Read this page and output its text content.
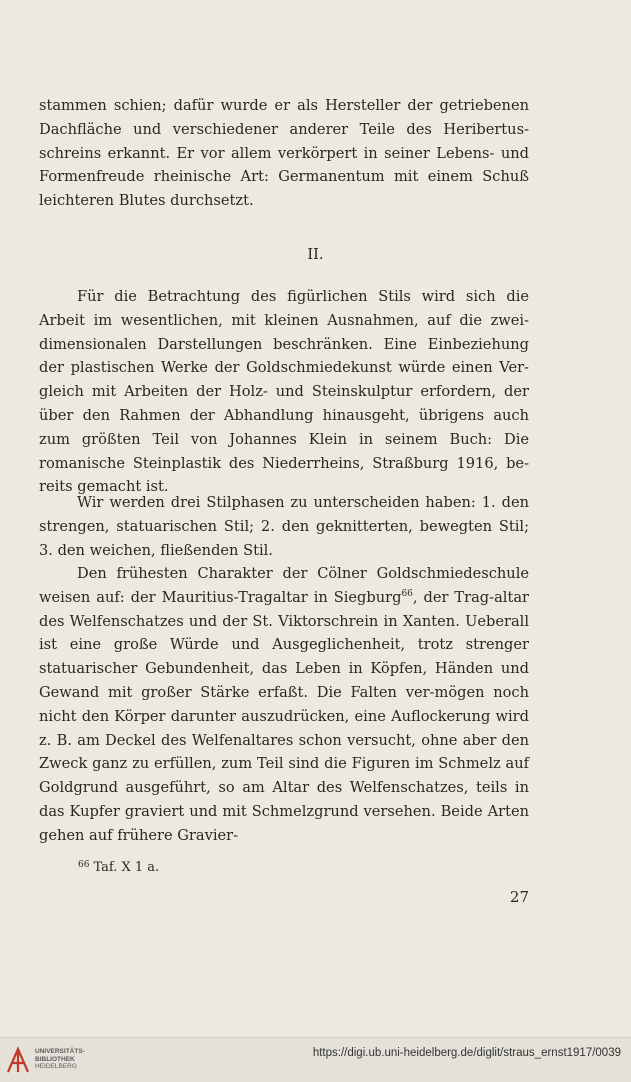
stammen schien; dafür wurde er als Hersteller der getriebenen Dachfläche und verschiedener anderer Teile des Heribertus-schreins erkannt. Er vor allem verkörpert in seiner Lebens- und Formenfreude rheinische Art: Germanentum mit einem Schuß leichteren Blutes durchsetzt.

II.

Für die Betrachtung des figürlichen Stils wird sich die Arbeit im wesentlichen, mit kleinen Ausnahmen, auf die zwei-dimensionalen Darstellungen beschränken. Eine Einbeziehung der plastischen Werke der Goldschmiedekunst würde einen Ver-gleich mit Arbeiten der Holz- und Steinskulptur erfordern, der über den Rahmen der Abhandlung hinausgeht, übrigens auch zum größten Teil von Johannes Klein in seinem Buch: Die romanische Steinplastik des Niederrheins, Straßburg 1916, be-reits gemacht ist.

Wir werden drei Stilphasen zu unterscheiden haben: 1. den strengen, statuarischen Stil; 2. den geknitterten, bewegten Stil; 3. den weichen, fließenden Stil.

Den frühesten Charakter der Cölner Goldschmiedeschule weisen auf: der Mauritius-Tragaltar in Siegburg$^{66}$, der Trag-altar des Welfenschatzes und der St. Viktorschrein in Xanten. Ueberall ist eine große Würde und Ausgeglichenheit, trotz strenger statuarischer Gebundenheit, das Leben in Köpfen, Händen und Gewand mit großer Stärke erfaßt. Die Falten ver-mögen noch nicht den Körper darunter auszudrücken, eine Auflockerung wird z. B. am Deckel des Welfenaltares schon versucht, ohne aber den Zweck ganz zu erfüllen, zum Teil sind die Figuren im Schmelz auf Goldgrund ausgeführt, so am Altar des Welfenschatzes, teils in das Kupfer graviert und mit Schmelzgrund versehen. Beide Arten gehen auf frühere Gravier-

$^{66}$ Taf. X 1 a.
27
UNIVERSITÄTS-
BIBLIOTHEK
HEIDELBERG
https://digi.ub.uni-heidelberg.de/diglit/straus_ernst1917/0039
